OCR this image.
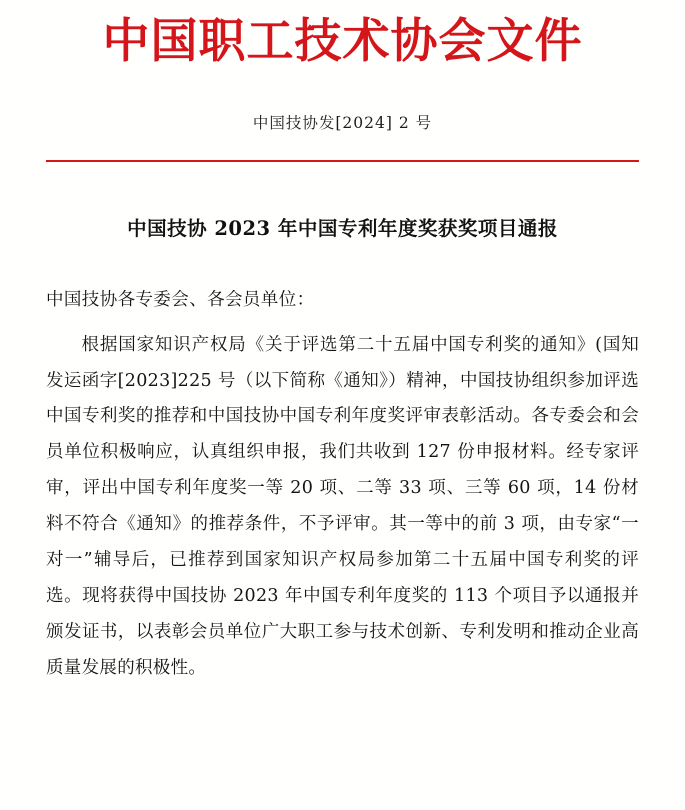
中国职工技术协会文件
中国技协发[2024] 2 号
中国技协 2023 年中国专利年度奖获奖项目通报
中国技协各专委会、各会员单位：
根据国家知识产权局《关于评选第二十五届中国专利奖的通知》(国知发运函字[2023]225 号（以下简称《通知》）精神，中国技协组织参加评选中国专利奖的推荐和中国技协中国专利年度奖评审表彰活动。各专委会和会员单位积极响应，认真组织申报，我们共收到 127 份申报材料。经专家评审，评出中国专利年度奖一等 20 项、二等 33 项、三等 60 项，14 份材料不符合《通知》的推荐条件，不予评审。其一等中的前 3 项，由专家“一对一”辅导后，已推荐到国家知识产权局参加第二十五届中国专利奖的评选。现将获得中国技协 2023 年中国专利年度奖的 113 个项目予以通报并颁发证书，以表彰会员单位广大职工参与技术创新、专利发明和推动企业高质量发展的积极性。
